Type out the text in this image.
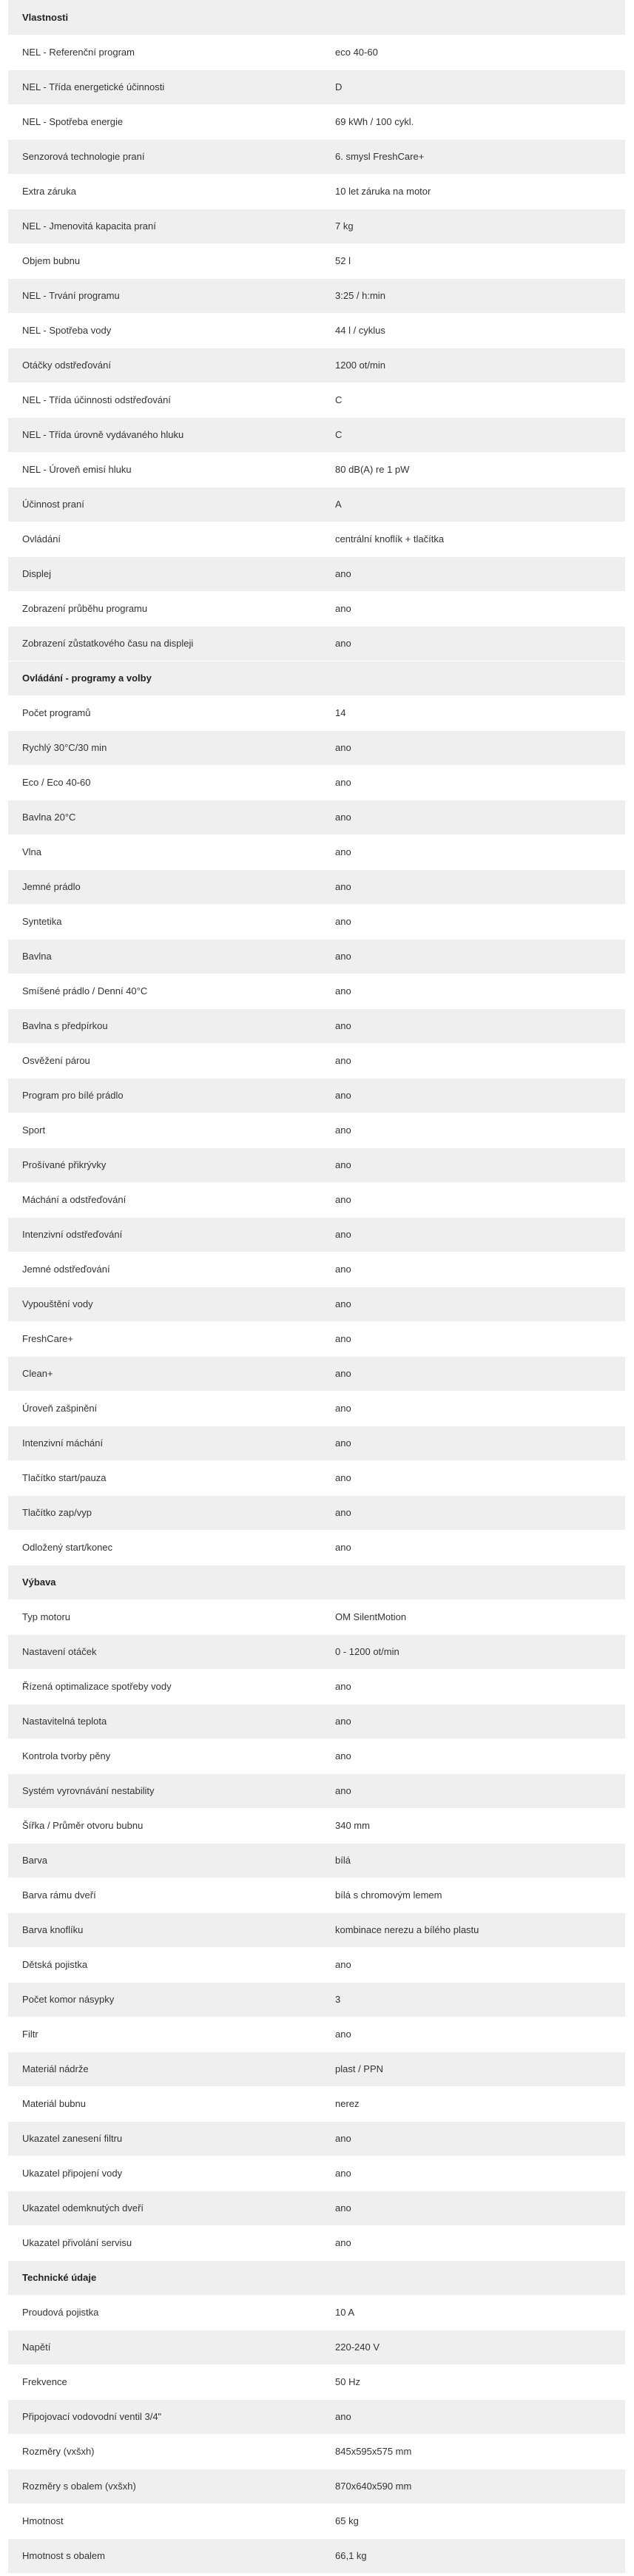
Vlastnosti	
NEL - Referenční program	eco 40-60
NEL - Třída energetické účinnosti	D
NEL - Spotřeba energie	69 kWh / 100 cykl.
Senzorová technologie praní	6. smysl FreshCare+
Extra záruka	10 let záruka na motor
NEL - Jmenovitá kapacita praní	7 kg
Objem bubnu	52 l
NEL - Trvání programu	3:25 / h:min
NEL - Spotřeba vody	44 l / cyklus
Otáčky odstřeďování	1200 ot/min
NEL - Třída účinnosti odstřeďování	C
NEL - Třída úrovně vydávaného hluku	C
NEL - Úroveň emisí hluku	80 dB(A) re 1 pW
Účinnost praní	A
Ovládání	centrální knoflík + tlačítka
Displej	ano
Zobrazení průběhu programu	ano
Zobrazení zůstatkového času na displeji	ano
Ovládání - programy a volby	
Počet programů	14
Rychlý 30°C/30 min	ano
Eco / Eco 40-60	ano
Bavlna 20°C	ano
Vlna	ano
Jemné prádlo	ano
Syntetika	ano
Bavlna	ano
Smíšené prádlo / Denní 40°C	ano
Bavlna s předpírkou	ano
Osvěžení párou	ano
Program pro bílé prádlo	ano
Sport	ano
Prošívané přikrývky	ano
Máchání a odstřeďování	ano
Intenzivní odstřeďování	ano
Jemné odstřeďování	ano
Vypouštění vody	ano
FreshCare+	ano
Clean+	ano
Úroveň zašpinění	ano
Intenzivní máchání	ano
Tlačítko start/pauza	ano
Tlačítko zap/vyp	ano
Odložený start/konec	ano
Výbava	
Typ motoru	OM SilentMotion
Nastavení otáček	0 - 1200 ot/min
Řízená optimalizace spotřeby vody	ano
Nastavitelná teplota	ano
Kontrola tvorby pěny	ano
Systém vyrovnávání nestability	ano
Šířka / Průměr otvoru bubnu	340 mm
Barva	bílá
Barva rámu dveří	bílá s chromovým lemem
Barva knoflíku	kombinace nerezu a bílého plastu
Dětská pojistka	ano
Počet komor násypky	3
Filtr	ano
Materiál nádrže	plast / PPN
Materiál bubnu	nerez
Ukazatel zanesení filtru	ano
Ukazatel připojení vody	ano
Ukazatel odemknutých dveří	ano
Ukazatel přivolání servisu	ano
Technické údaje	
Proudová pojistka	10 A
Napětí	220-240 V
Frekvence	50 Hz
Připojovací vodovodní ventil 3/4"	ano
Rozměry (vxšxh)	845x595x575 mm
Rozměry s obalem (vxšxh)	870x640x590 mm
Hmotnost	65 kg
Hmotnost s obalem	66,1 kg
